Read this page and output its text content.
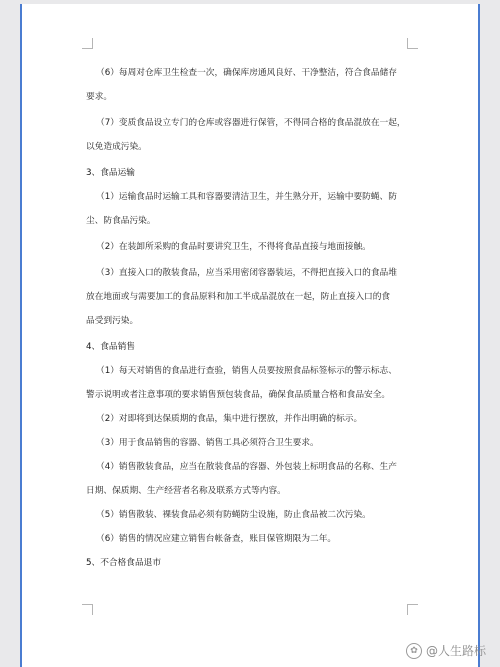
（6）每周对仓库卫生检查一次，确保库房通风良好、干净整洁，符合食品储存
要求。
（7）变质食品设立专门的仓库或容器进行保管，不得同合格的食品混放在一起，
以免造成污染。
3、食品运输
（1）运输食品时运输工具和容器要清洁卫生，并生熟分开，运输中要防蝇、防
尘、防食品污染。
（2）在装卸所采购的食品时要讲究卫生，不得将食品直接与地面接触。
（3）直接入口的散装食品，应当采用密闭容器装运，不得把直接入口的食品堆
放在地面或与需要加工的食品原料和加工半成品混放在一起，防止直接入口的食
品受到污染。
4、食品销售
（1）每天对销售的食品进行查验，销售人员要按照食品标签标示的警示标志、
警示说明或者注意事项的要求销售预包装食品，确保食品质量合格和食品安全。
（2）对即将到达保质期的食品，集中进行摆放，并作出明确的标示。
（3）用于食品销售的容器、销售工具必须符合卫生要求。
（4）销售散装食品，应当在散装食品的容器、外包装上标明食品的名称、生产
日期、保质期、生产经营者名称及联系方式等内容。
（5）销售散装、裸装食品必须有防蝇防尘设施，防止食品被二次污染。
（6）销售的情况应建立销售台帐备查，账目保管期限为二年。
5、不合格食品退市
✿ @人生路标
